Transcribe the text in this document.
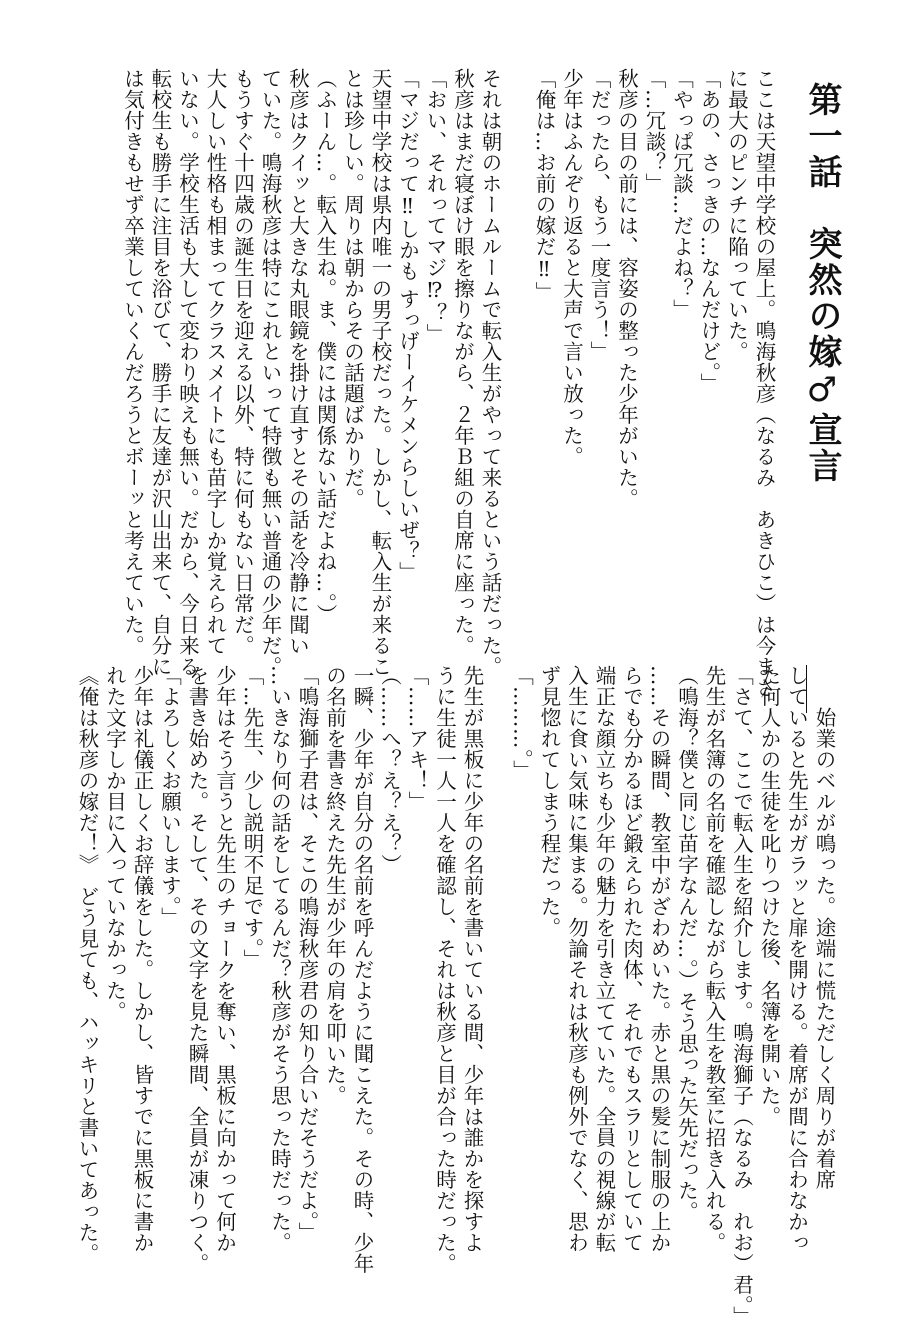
第一話　突然の嫁♂宣言

ここは天望中学校の屋上。鳴海秋彦（なるみ　あきひこ）は今まさ

に最大のピンチに陥っていた。

「あの、さっきの…なんだけど。」

「やっぱ冗談…だよね？」

「…冗談？」

秋彦の目の前には、容姿の整った少年がいた。

「だったら、もう一度言う！」

少年はふんぞり返ると大声で言い放った。

「俺は…お前の嫁だ‼」

それは朝のホームルームで転入生がやって来るという話だった。

秋彦はまだ寝ぼけ眼を擦りながら、２年Ｂ組の自席に座った。

「おい、それってマジ⁉？」

「マジだって‼しかも すっげーイケメンらしいぜ？」

天望中学校は県内唯一の男子校だった。しかし、転入生が来るこ

とは珍しい。周りは朝からその話題ばかりだ。

（ふーん…。転入生ね。ま、僕には関係ない話だよね…。）

秋彦はクイッと大きな丸眼鏡を掛け直すとその話を冷静に聞い

ていた。鳴海秋彦は特にこれといって特徴も無い普通の少年だ。

もうすぐ十四歳の誕生日を迎える以外、特に何もない日常だ。

大人しい性格も相まってクラスメイトにも苗字しか覚えられて

いない。学校生活も大して変わり映えも無い。だから、今日来る

転校生も勝手に注目を浴びて、勝手に友達が沢山出来て、自分に

は気付きもせず卒業していくんだろうとボーッと考えていた。

　　始業のベルが鳴った。途端に慌ただしく周りが着席

していると先生がガラッと扉を開ける。着席が間に合わなかっ

た何人かの生徒を叱りつけた後、名簿を開いた。

「さて、ここで転入生を紹介します。鳴海獅子（なるみ　れお）君。」

先生が名簿の名前を確認しながら転入生を教室に招き入れる。

（鳴海？僕と同じ苗字なんだ…。）そう思った矢先だった。

……その瞬間、教室中がざわめいた。赤と黒の髪に制服の上か

らでも分かるほど鍛えられた肉体、それでもスラリとしていて

端正な顔立ちも少年の魅力を引き立てていた。全員の視線が転

入生に食い気味に集まる。勿論それは秋彦も例外でなく、思わ

ず見惚れてしまう程だった。

「………。」

先生が黒板に少年の名前を書いている間、少年は誰かを探すよ

うに生徒一人一人を確認し、それは秋彦と目が合った時だった。

「……アキ！」

（……へ？え？え？）

一瞬、少年が自分の名前を呼んだように聞こえた。その時、少年

の名前を書き終えた先生が少年の肩を叩いた。

「鳴海獅子君は、そこの鳴海秋彦君の知り合いだそうだよ。」

…いきなり何の話をしてるんだ？秋彦がそう思った時だった。

「…先生、少し説明不足です。」

少年はそう言うと先生のチョークを奪い、黒板に向かって何か

を書き始めた。そして、その文字を見た瞬間、全員が凍りつく。

「よろしくお願いします。」

少年は礼儀正しくお辞儀をした。しかし、皆すでに黒板に書か

れた文字しか目に入っていなかった。

《俺は秋彦の嫁だ！》　どう見ても、ハッキリと書いてあった。
